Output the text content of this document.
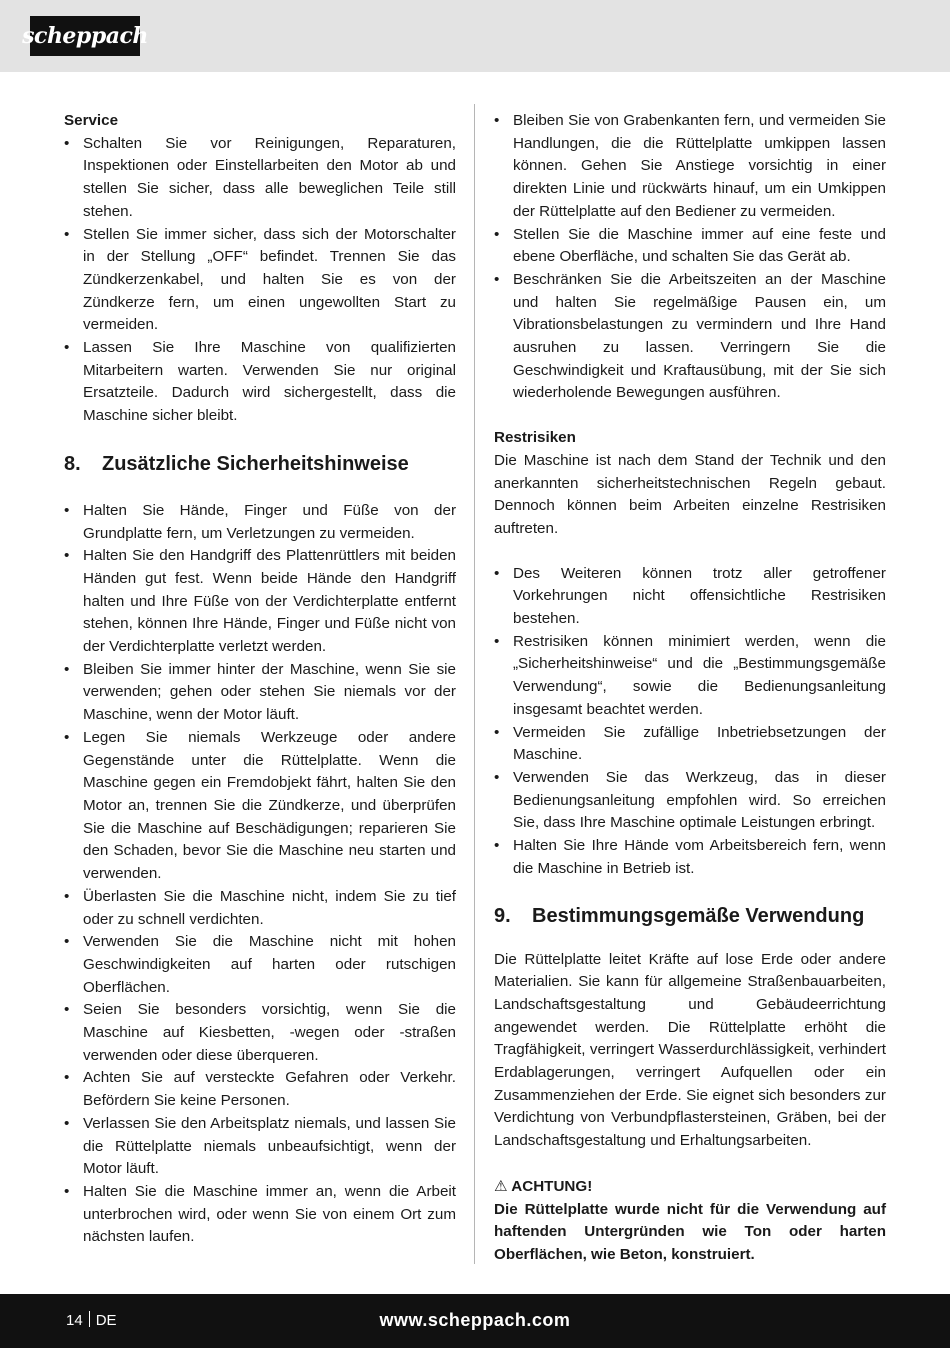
scheppach

Service

• Schalten Sie vor Reinigungen, Reparaturen, Inspektionen oder Einstellarbeiten den Motor ab und stellen Sie sicher, dass alle beweglichen Teile still stehen.
• Stellen Sie immer sicher, dass sich der Motorschalter in der Stellung „OFF“ befindet. Trennen Sie das Zündkerzenkabel, und halten Sie es von der Zündkerze fern, um einen ungewollten Start zu vermeiden.
• Lassen Sie Ihre Maschine von qualifizierten Mitarbeitern warten. Verwenden Sie nur original Ersatzteile. Dadurch wird sichergestellt, dass die Maschine sicher bleibt.
8.	Zusätzliche Sicherheitshinweise
• Halten Sie Hände, Finger und Füße von der Grundplatte fern, um Verletzungen zu vermeiden.
• Halten Sie den Handgriff des Plattenrüttlers mit beiden Händen gut fest. Wenn beide Hände den Handgriff halten und Ihre Füße von der Verdichterplatte entfernt stehen, können Ihre Hände, Finger und Füße nicht von der Verdichterplatte verletzt werden.
• Bleiben Sie immer hinter der Maschine, wenn Sie sie verwenden; gehen oder stehen Sie niemals vor der Maschine, wenn der Motor läuft.
• Legen Sie niemals Werkzeuge oder andere Gegenstände unter die Rüttelplatte. Wenn die Maschine gegen ein Fremdobjekt fährt, halten Sie den Motor an, trennen Sie die Zündkerze, und überprüfen Sie die Maschine auf Beschädigungen; reparieren Sie den Schaden, bevor Sie die Maschine neu starten und verwenden.
• Überlasten Sie die Maschine nicht, indem Sie zu tief oder zu schnell verdichten.
• Verwenden Sie die Maschine nicht mit hohen Geschwindigkeiten auf harten oder rutschigen Oberflächen.
• Seien Sie besonders vorsichtig, wenn Sie die Maschine auf Kiesbetten, -wegen oder -straßen verwenden oder diese überqueren.
• Achten Sie auf versteckte Gefahren oder Verkehr. Befördern Sie keine Personen.
• Verlassen Sie den Arbeitsplatz niemals, und lassen Sie die Rüttelplatte niemals unbeaufsichtigt, wenn der Motor läuft.
• Halten Sie die Maschine immer an, wenn die Arbeit unterbrochen wird, oder wenn Sie von einem Ort zum nächsten laufen.
• Bleiben Sie von Grabenkanten fern, und vermeiden Sie Handlungen, die die Rüttelplatte umkippen lassen können. Gehen Sie Anstiege vorsichtig in einer direkten Linie und rückwärts hinauf, um ein Umkippen der Rüttelplatte auf den Bediener zu vermeiden.
• Stellen Sie die Maschine immer auf eine feste und ebene Oberfläche, und schalten Sie das Gerät ab.
• Beschränken Sie die Arbeitszeiten an der Maschine und halten Sie regelmäßige Pausen ein, um Vibrationsbelastungen zu vermindern und Ihre Hand ausruhen zu lassen. Verringern Sie die Geschwindigkeit und Kraftausübung, mit der Sie sich wiederholende Bewegungen ausführen.

Restrisiken

Die Maschine ist nach dem Stand der Technik und den anerkannten sicherheitstechnischen Regeln gebaut. Dennoch können beim Arbeiten einzelne Restrisiken auftreten.

• Des Weiteren können trotz aller getroffener Vorkehrungen nicht offensichtliche Restrisiken bestehen.
• Restrisiken können minimiert werden, wenn die „Sicherheitshinweise“ und die „Bestimmungsgemäße Verwendung“, sowie die Bedienungsanleitung insgesamt beachtet werden.
• Vermeiden Sie zufällige Inbetriebsetzungen der Maschine.
• Verwenden Sie das Werkzeug, das in dieser Bedienungsanleitung empfohlen wird. So erreichen Sie, dass Ihre Maschine optimale Leistungen erbringt.
• Halten Sie Ihre Hände vom Arbeitsbereich fern, wenn die Maschine in Betrieb ist.
9.	Bestimmungsgemäße Verwendung

Die Rüttelplatte leitet Kräfte auf lose Erde oder andere Materialien. Sie kann für allgemeine Straßenbauarbeiten, Landschaftsgestaltung und Gebäudeerrichtung angewendet werden. Die Rüttelplatte erhöht die Tragfähigkeit, verringert Wasserdurchlässigkeit, verhindert Erdablagerungen, verringert Aufquellen oder ein Zusammenziehen der Erde. Sie eignet sich besonders zur Verdichtung von Verbundpflastersteinen, Gräben, bei der Landschaftsgestaltung und Erhaltungsarbeiten.

⚠ ACHTUNG!

Die Rüttelplatte wurde nicht für die Verwendung auf haftenden Untergründen wie Ton oder harten Oberflächen, wie Beton, konstruiert.

14 DE	www.scheppach.com
